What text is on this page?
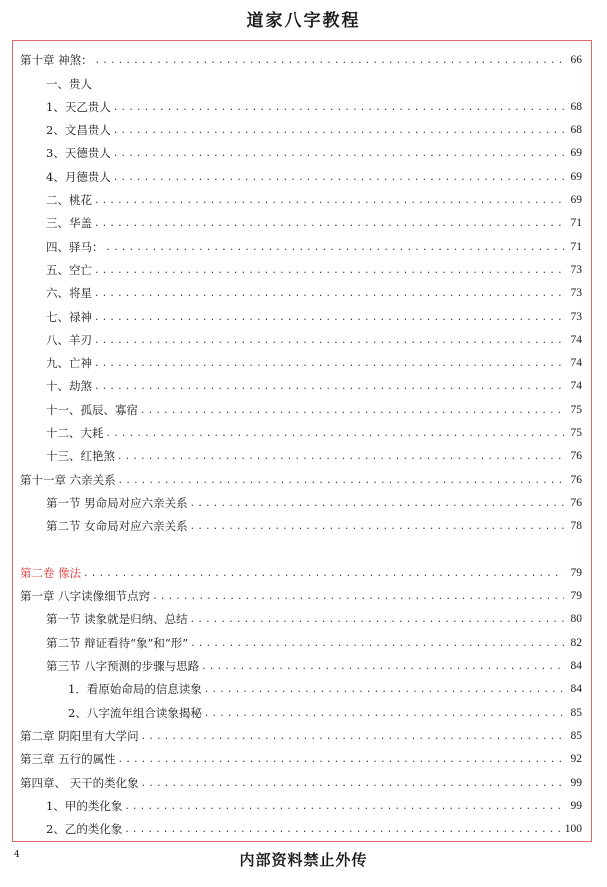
道家八字教程
第十章 神煞： .....	66
一、贵人
1、天乙贵人 .....	68
2、文昌贵人 .....	68
3、天德贵人 .....	69
4、月德贵人 .....	69
二、桃花 .....	69
三、华盖 .....	71
四、驿马： .....	71
五、空亡 .....	73
六、将星 .....	73
七、禄神 .....	73
八、羊刃 .....	74
九、亡神 .....	74
十、劫煞 .....	74
十一、孤辰、寡宿 .....	75
十二、大耗 .....	75
十三、红艳煞 .....	76
第十一章 六亲关系 .....	76
第一节 男命局对应六亲关系 .....	76
第二节 女命局对应六亲关系 .....	78
第二卷 像法 .....	79
第一章 八字读像细节点窍 .....	79
第一节 读象就是归纳、总结 .....	80
第二节 辩证看待“象”和“形” .....	82
第三节 八字预测的步骤与思路 .....	84
1．看原始命局的信息读象 .....	84
2、八字流年组合读象揭秘 .....	85
第二章 阴阳里有大学问 .....	85
第三章 五行的属性 .....	92
第四章、 天干的类化象 .....	99
1、甲的类化象 .....	99
2、乙的类化象 .....	100
4	内部资料禁止外传
